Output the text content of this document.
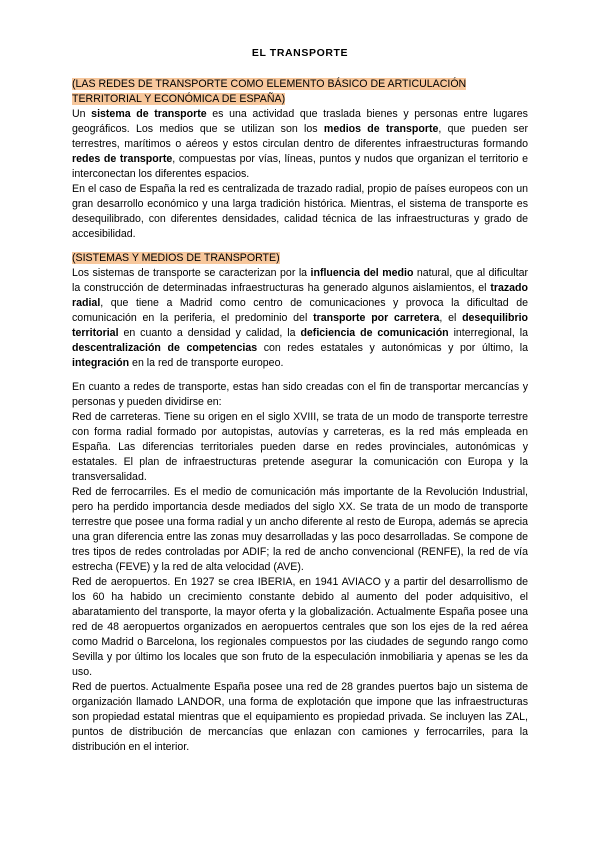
EL TRANSPORTE
(LAS REDES DE TRANSPORTE COMO ELEMENTO BÁSICO DE ARTICULACIÓN TERRITORIAL Y ECONÓMICA DE ESPAÑA)

Un sistema de transporte es una actividad que traslada bienes y personas entre lugares geográficos. Los medios que se utilizan son los medios de transporte, que pueden ser terrestres, marítimos o aéreos y estos circulan dentro de diferentes infraestructuras formando redes de transporte, compuestas por vías, líneas, puntos y nudos que organizan el territorio e interconectan los diferentes espacios.

En el caso de España la red es centralizada de trazado radial, propio de países europeos con un gran desarrollo económico y una larga tradición histórica. Mientras, el sistema de transporte es desequilibrado, con diferentes densidades, calidad técnica de las infraestructuras y grado de accesibilidad.

(SISTEMAS Y MEDIOS DE TRANSPORTE)

Los sistemas de transporte se caracterizan por la influencia del medio natural, que al dificultar la construcción de determinadas infraestructuras ha generado algunos aislamientos, el trazado radial, que tiene a Madrid como centro de comunicaciones y provoca la dificultad de comunicación en la periferia, el predominio del transporte por carretera, el desequilibrio territorial en cuanto a densidad y calidad, la deficiencia de comunicación interregional, la descentralización de competencias con redes estatales y autonómicas y por último, la integración en la red de transporte europeo.

En cuanto a redes de transporte, estas han sido creadas con el fin de transportar mercancías y personas y pueden dividirse en:

Red de carreteras. Tiene su origen en el siglo XVIII, se trata de un modo de transporte terrestre con forma radial formado por autopistas, autovías y carreteras, es la red más empleada en España. Las diferencias territoriales pueden darse en redes provinciales, autonómicas y estatales. El plan de infraestructuras pretende asegurar la comunicación con Europa y la transversalidad.

Red de ferrocarriles. Es el medio de comunicación más importante de la Revolución Industrial, pero ha perdido importancia desde mediados del siglo XX. Se trata de un modo de transporte terrestre que posee una forma radial y un ancho diferente al resto de Europa, además se aprecia una gran diferencia entre las zonas muy desarrolladas y las poco desarrolladas. Se compone de tres tipos de redes controladas por ADIF; la red de ancho convencional (RENFE), la red de vía estrecha (FEVE) y la red de alta velocidad (AVE).

Red de aeropuertos. En 1927 se crea IBERIA, en 1941 AVIACO y a partir del desarrollismo de los 60 ha habido un crecimiento constante debido al aumento del poder adquisitivo, el abaratamiento del transporte, la mayor oferta y la globalización. Actualmente España posee una red de 48 aeropuertos organizados en aeropuertos centrales que son los ejes de la red aérea como Madrid o Barcelona, los regionales compuestos por las ciudades de segundo rango como Sevilla y por último los locales que son fruto de la especulación inmobiliaria y apenas se les da uso.

Red de puertos. Actualmente España posee una red de 28 grandes puertos bajo un sistema de organización llamado LANDOR, una forma de explotación que impone que las infraestructuras son propiedad estatal mientras que el equipamiento es propiedad privada. Se incluyen las ZAL, puntos de distribución de mercancías que enlazan con camiones y ferrocarriles, para la distribución en el interior.
